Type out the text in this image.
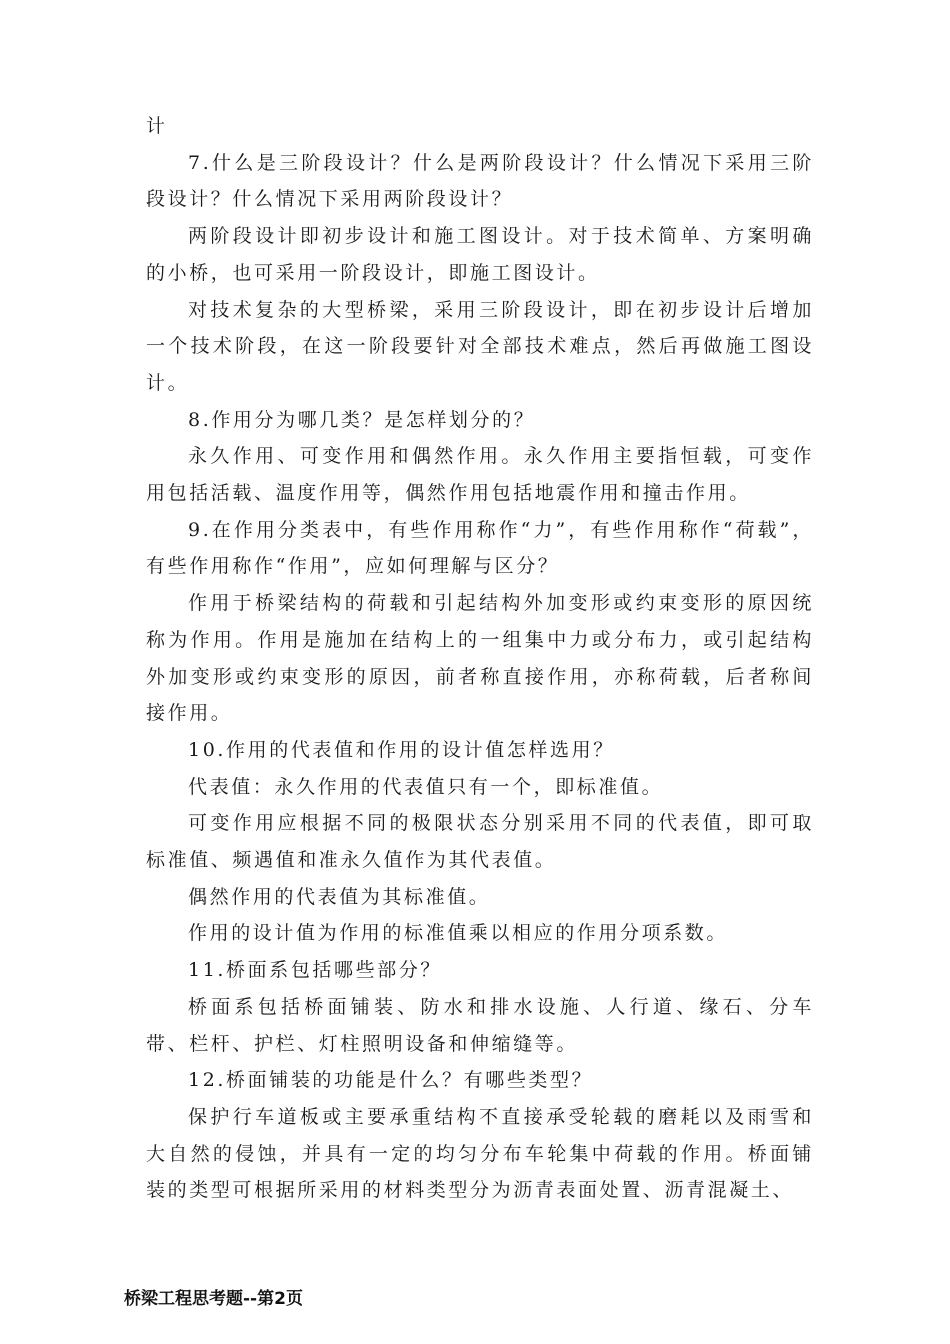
计

7.什么是三阶段设计？什么是两阶段设计？什么情况下采用三阶段设计？什么情况下采用两阶段设计？

两阶段设计即初步设计和施工图设计。对于技术简单、方案明确的小桥，也可采用一阶段设计，即施工图设计。

对技术复杂的大型桥梁，采用三阶段设计，即在初步设计后增加一个技术阶段，在这一阶段要针对全部技术难点，然后再做施工图设计。

8.作用分为哪几类？是怎样划分的？

永久作用、可变作用和偶然作用。永久作用主要指恒载，可变作用包括活载、温度作用等，偶然作用包括地震作用和撞击作用。

9.在作用分类表中，有些作用称作“力”，有些作用称作“荷载”，有些作用称作“作用”，应如何理解与区分？

作用于桥梁结构的荷载和引起结构外加变形或约束变形的原因统称为作用。作用是施加在结构上的一组集中力或分布力，或引起结构外加变形或约束变形的原因，前者称直接作用，亦称荷载，后者称间接作用。

10.作用的代表值和作用的设计值怎样选用？

代表值：永久作用的代表值只有一个，即标准值。

可变作用应根据不同的极限状态分别采用不同的代表值，即可取标准值、频遇值和准永久值作为其代表值。

偶然作用的代表值为其标准值。

作用的设计值为作用的标准值乘以相应的作用分项系数。

11.桥面系包括哪些部分？

桥面系包括桥面铺装、防水和排水设施、人行道、缘石、分车带、栏杆、护栏、灯柱照明设备和伸缩缝等。

12.桥面铺装的功能是什么？有哪些类型？

保护行车道板或主要承重结构不直接承受轮载的磨耗以及雨雪和大自然的侵蚀，并具有一定的均匀分布车轮集中荷载的作用。桥面铺装的类型可根据所采用的材料类型分为沥青表面处置、沥青混凝土、

桥梁工程思考题--第2页
